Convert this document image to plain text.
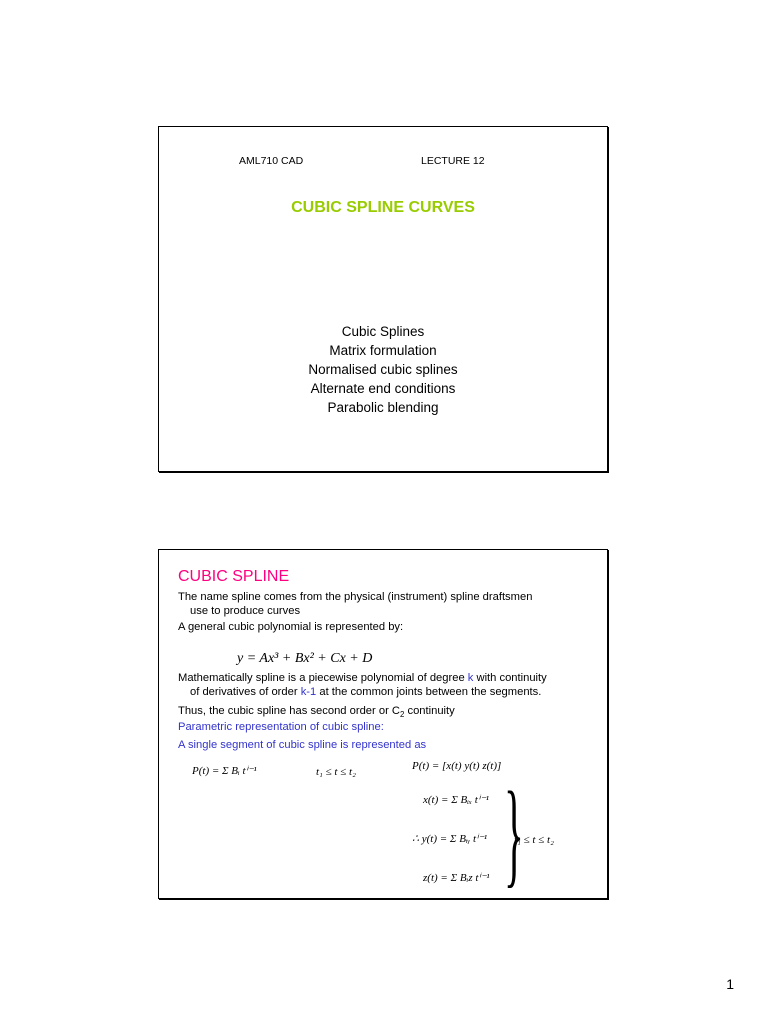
AML710 CAD	LECTURE 12
CUBIC SPLINE CURVES
Cubic Splines
Matrix formulation
Normalised cubic splines
Alternate end conditions
Parabolic blending
CUBIC SPLINE
The name spline comes from the physical (instrument) spline draftsmen
use to produce curves
A general cubic polynomial is represented by:
y = Ax³ + Bx² + Cx + D
Mathematically spline is a piecewise polynomial of degree k with continuity
of derivatives of order k-1 at the common joints between the segments.
Thus, the cubic spline has second order or $C_2$ continuity
Parametric representation of cubic spline:
A single segment of cubic spline is represented as
P(t) = Σ Bᵢ tⁱ⁻¹	t₁ ≤ t ≤ t₂	P(t) = [x(t) y(t) z(t)]
x(t) = Σ Bᵢₓ tⁱ⁻¹
∴ y(t) = Σ Bᵢᵧ tⁱ⁻¹
z(t) = Σ Bᵢz tⁱ⁻¹ }
t₁ ≤ t ≤ t₂
1
